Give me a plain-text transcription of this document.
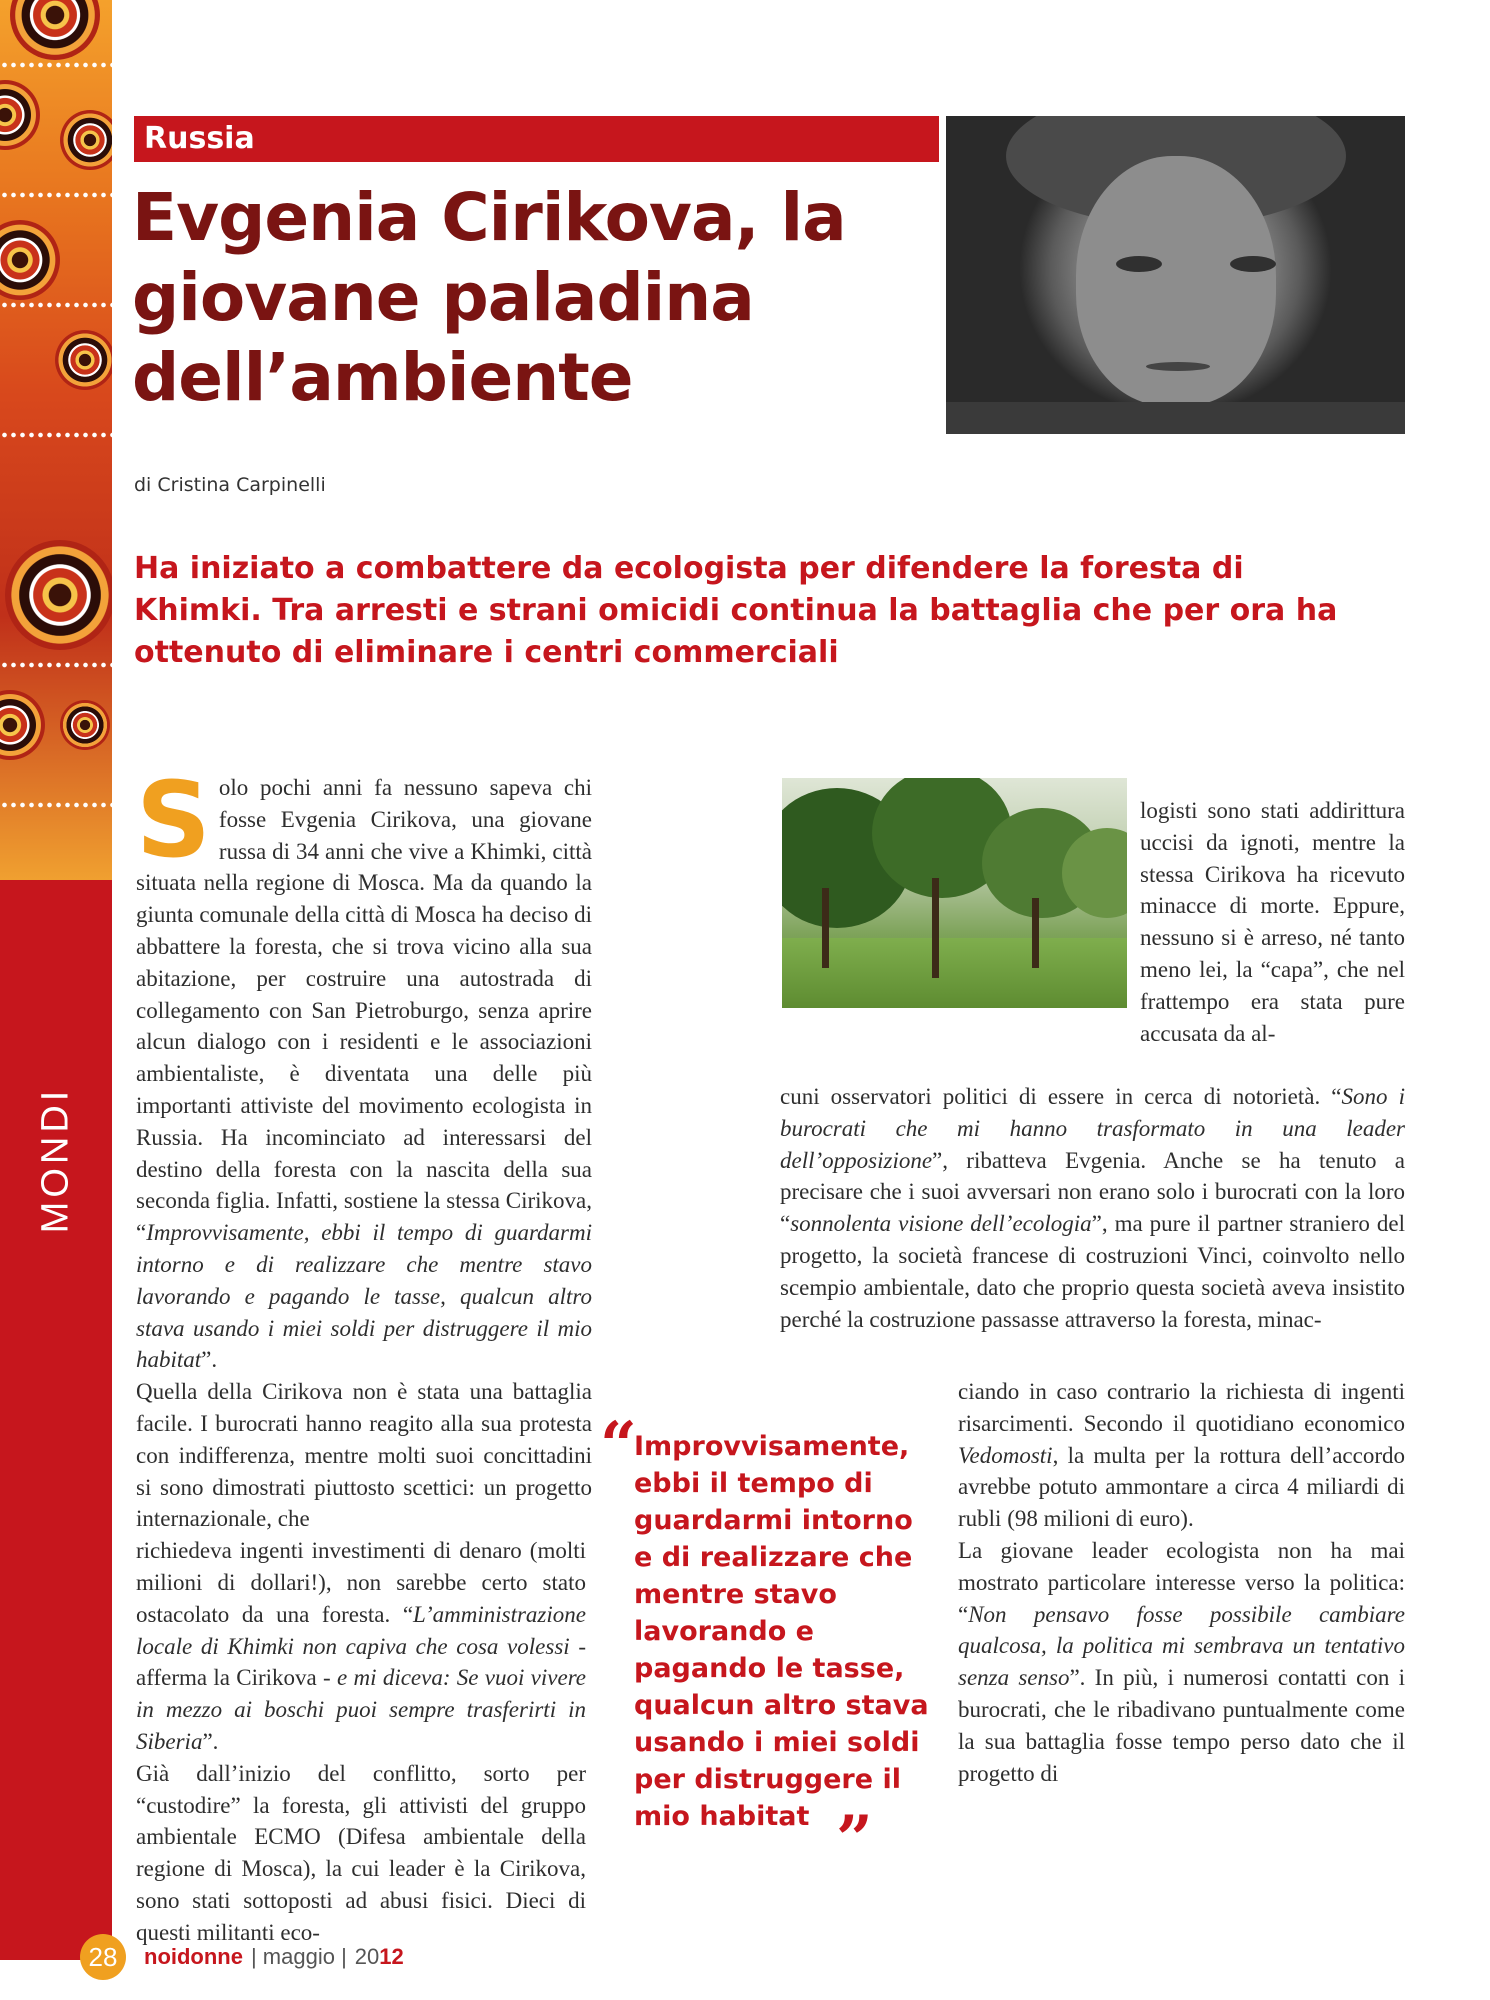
MONDI
Russia
Evgenia Cirikova, la giovane paladina dell’ambiente
di Cristina Carpinelli

Ha iniziato a combattere da ecologista per difendere la foresta di Khimki. Tra arresti e strani omicidi continua la battaglia che per ora ha ottenuto di eliminare i centri commerciali

Solo pochi anni fa nessuno sapeva chi fosse Evgenia Cirikova, una giovane russa di 34 anni che vive a Khimki, città situata nella regione di Mosca. Ma da quando la giunta comunale della città di Mosca ha deciso di abbattere la foresta, che si trova vicino alla sua abitazione, per costruire una autostrada di collegamento con San Pietroburgo, senza aprire alcun dialogo con i residenti e le associazioni ambientaliste, è diventata una delle più importanti attiviste del movimento ecologista in Russia. Ha incominciato ad interessarsi del destino della foresta con la nascita della sua seconda figlia. Infatti, sostiene la stessa Cirikova, “Improvvisamente, ebbi il tempo di guardarmi intorno e di realizzare che mentre stavo lavorando e pagando le tasse, qualcun altro stava usando i miei soldi per distruggere il mio habitat”.

Quella della Cirikova non è stata una battaglia facile. I burocrati hanno reagito alla sua protesta con indifferenza, mentre molti suoi concittadini si sono dimostrati piuttosto scettici: un progetto internazionale, che

richiedeva ingenti investimenti di denaro (molti milioni di dollari!), non sarebbe certo stato ostacolato da una foresta. “L’amministrazione locale di Khimki non capiva che cosa volessi - afferma la Cirikova - e mi diceva: Se vuoi vivere in mezzo ai boschi puoi sempre trasferirti in Siberia”.

Già dall’inizio del conflitto, sorto per “custodire” la foresta, gli attivisti del gruppo ambientale ECMO (Difesa ambientale della regione di Mosca), la cui leader è la Cirikova, sono stati sottoposti ad abusi fisici. Dieci di questi militanti eco-

logisti sono stati addirittura uccisi da ignoti, mentre la stessa Cirikova ha ricevuto minacce di morte. Eppure, nessuno si è arreso, né tanto meno lei, la “capa”, che nel frattempo era stata pure accusata da al-

cuni osservatori politici di essere in cerca di notorietà. “Sono i burocrati che mi hanno trasformato in una leader dell’opposizione”, ribatteva Evgenia. Anche se ha tenuto a precisare che i suoi avversari non erano solo i burocrati con la loro “sonnolenta visione dell’ecologia”, ma pure il partner straniero del progetto, la società francese di costruzioni Vinci, coinvolto nello scempio ambientale, dato che proprio questa società aveva insistito perché la costruzione passasse attraverso la foresta, minac-

ciando in caso contrario la richiesta di ingenti risarcimenti. Secondo il quotidiano economico Vedomosti, la multa per la rottura dell’accordo avrebbe potuto ammontare a circa 4 miliardi di rubli (98 milioni di euro).

La giovane leader ecologista non ha mai mostrato particolare interesse verso la politica: “Non pensavo fosse possibile cambiare qualcosa, la politica mi sembrava un tentativo senza senso”. In più, i numerosi contatti con i burocrati, che le ribadivano puntualmente come la sua battaglia fosse tempo perso dato che il progetto di

“

Improvvisamente, ebbi il tempo di guardarmi intorno e di realizzare che mentre stavo lavorando e pagando le tasse, qualcun altro stava usando i miei soldi per distruggere il mio habitat ”
28	noidonne | maggio | 20 12
